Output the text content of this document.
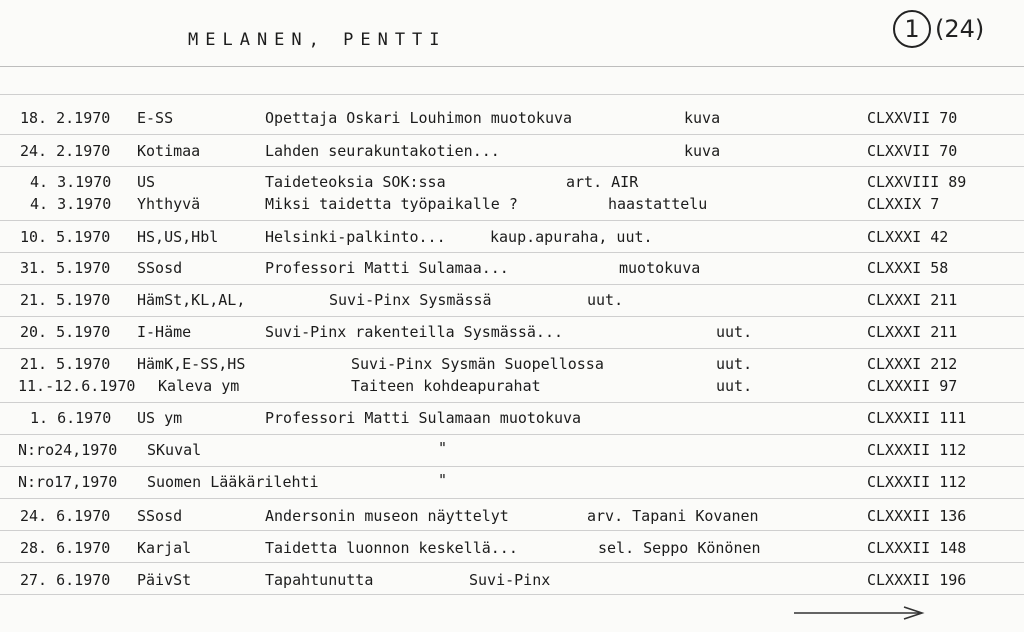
MELANEN, PENTTI	1 (24)
18. 2.1970 E-SS	Opettaja Oskari Louhimon muotokuva	kuva	CLXXVII 70
24. 2.1970 Kotimaa	Lahden seurakuntakotien...	kuva	CLXXVII 70
4. 3.1970 US	Taideteoksia SOK:ssa	art. AIR	CLXXVIII 89
4. 3.1970 Yhthyvä	Miksi taidetta työpaikalle ?	haastattelu	CLXXIX 7
10. 5.1970 HS,US,Hbl	Helsinki-palkinto...	kaup.apuraha, uut.	CLXXXI 42
31. 5.1970 SSosd	Professori Matti Sulamaa...	muotokuva	CLXXXI 58
21. 5.1970 HämSt,KL,AL,	Suvi-Pinx Sysmässä	uut.	CLXXXI 211
20. 5.1970 I-Häme	Suvi-Pinx rakenteilla Sysmässä...	uut.	CLXXXI 211
21. 5.1970 HämK,E-SS,HS	Suvi-Pinx Sysmän Suopellossa	uut.	CLXXXI 212
11.-12.6.1970 Kaleva ym	Taiteen kohdeapurahat	uut.	CLXXXII 97
1. 6.1970 US ym	Professori Matti Sulamaan muotokuva	CLXXXII 111
N:ro24,1970 SKuval	"	CLXXXII 112
N:ro17,1970 Suomen Lääkärilehti	"	CLXXXII 112
24. 6.1970 SSosd	Andersonin museon näyttelyt	arv. Tapani Kovanen	CLXXXII 136
28. 6.1970 Karjal	Taidetta luonnon keskellä...	sel. Seppo Könönen	CLXXXII 148
27. 6.1970 PäivSt	Tapahtunutta	Suvi-Pinx	CLXXXII 196
